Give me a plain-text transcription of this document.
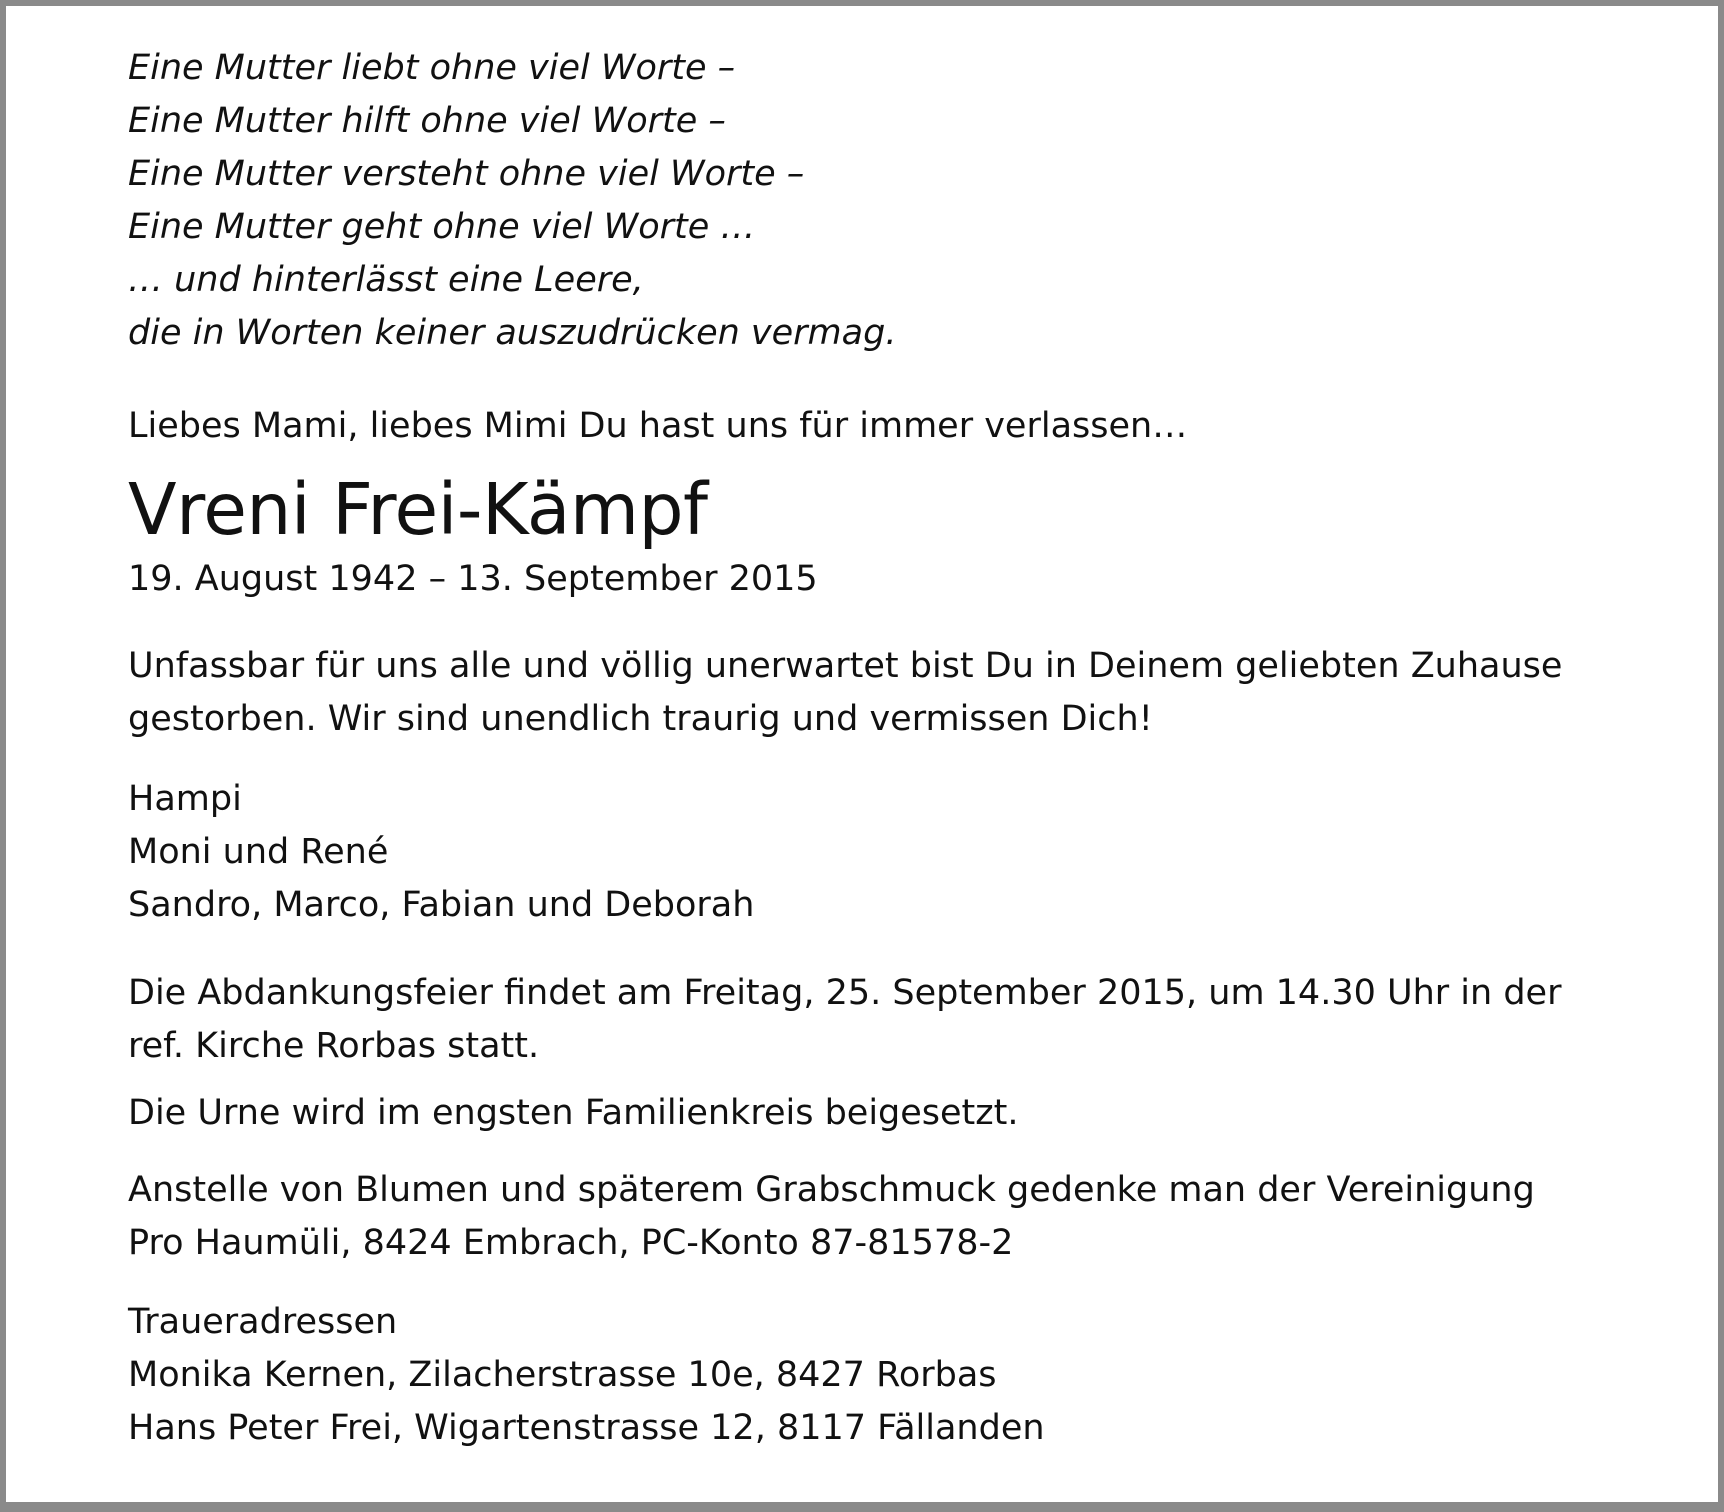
Eine Mutter liebt ohne viel Worte –
Eine Mutter hilft ohne viel Worte –
Eine Mutter versteht ohne viel Worte –
Eine Mutter geht ohne viel Worte …
… und hinterlässt eine Leere,
die in Worten keiner auszudrücken vermag.

Liebes Mami, liebes Mimi Du hast uns für immer verlassen…

Vreni Frei-Kämpf

19. August 1942 – 13. September 2015

Unfassbar für uns alle und völlig unerwartet bist Du in Deinem geliebten Zuhause
gestorben. Wir sind unendlich traurig und vermissen Dich!
Hampi
Moni und René
Sandro, Marco, Fabian und Deborah
Die Abdankungsfeier findet am Freitag, 25. September 2015, um 14.30 Uhr in der
ref. Kirche Rorbas statt.

Die Urne wird im engsten Familienkreis beigesetzt.

Anstelle von Blumen und späterem Grabschmuck gedenke man der Vereinigung
Pro Haumüli, 8424 Embrach, PC-Konto 87-81578-2
Traueradressen
Monika Kernen, Zilacherstrasse 10e, 8427 Rorbas
Hans Peter Frei, Wigartenstrasse 12, 8117 Fällanden
